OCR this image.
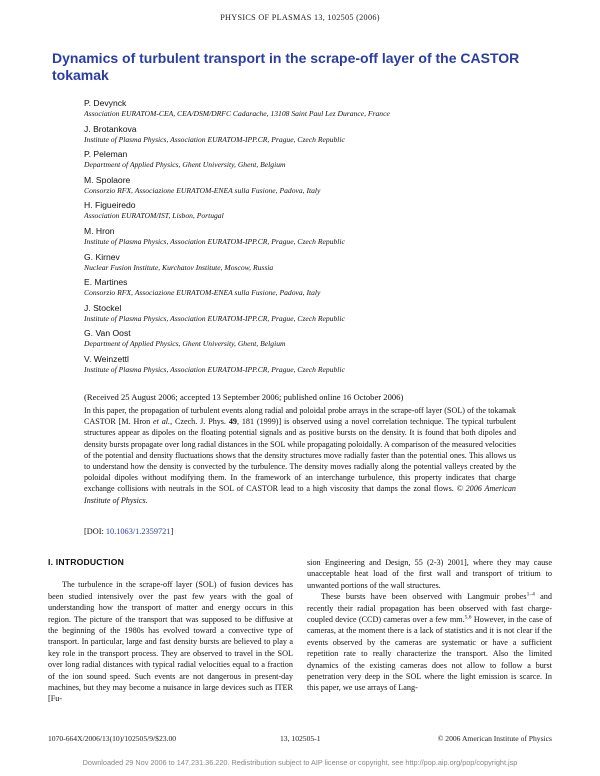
PHYSICS OF PLASMAS 13, 102505 (2006)
Dynamics of turbulent transport in the scrape-off layer of the CASTOR tokamak
P. Devynck
Association EURATOM-CEA, CEA/DSM/DRFC Cadarache, 13108 Saint Paul Lez Durance, France
J. Brotankova
Institute of Plasma Physics, Association EURATOM-IPP.CR, Prague, Czech Republic
P. Peleman
Department of Applied Physics, Ghent University, Ghent, Belgium
M. Spolaore
Consorzio RFX, Associazione EURATOM-ENEA sulla Fusione, Padova, Italy
H. Figueiredo
Association EURATOM/IST, Lisbon, Portugal
M. Hron
Institute of Plasma Physics, Association EURATOM-IPP.CR, Prague, Czech Republic
G. Kirnev
Nuclear Fusion Institute, Kurchatov Institute, Moscow, Russia
E. Martines
Consorzio RFX, Associazione EURATOM-ENEA sulla Fusione, Padova, Italy
J. Stockel
Institute of Plasma Physics, Association EURATOM-IPP.CR, Prague, Czech Republic
G. Van Oost
Department of Applied Physics, Ghent University, Ghent, Belgium
V. Weinzettl
Institute of Plasma Physics, Association EURATOM-IPP.CR, Prague, Czech Republic
(Received 25 August 2006; accepted 13 September 2006; published online 16 October 2006)

In this paper, the propagation of turbulent events along radial and poloidal probe arrays in the scrape-off layer (SOL) of the tokamak CASTOR [M. Hron et al., Czech. J. Phys. 49, 181 (1999)] is observed using a novel correlation technique. The typical turbulent structures appear as dipoles on the floating potential signals and as positive bursts on the density. It is found that both dipoles and density bursts propagate over long radial distances in the SOL while propagating poloidally. A comparison of the measured velocities of the potential and density fluctuations shows that the density structures move radially faster than the potential ones. This allows us to understand how the density is convected by the turbulence. The density moves radially along the potential valleys created by the poloidal dipoles without modifying them. In the framework of an interchange turbulence, this property indicates that charge exchange collisions with neutrals in the SOL of CASTOR lead to a high viscosity that damps the zonal flows. © 2006 American Institute of Physics.

[DOI: 10.1063/1.2359721]
I. INTRODUCTION

The turbulence in the scrape-off layer (SOL) of fusion devices has been studied intensively over the past few years with the goal of understanding how the transport of matter and energy occurs in this region. The picture of the transport that was supposed to be diffusive at the beginning of the 1980s has evolved toward a convective type of transport. In particular, large and fast density bursts are believed to play a key role in the transport process. They are observed to travel in the SOL over long radial distances with typical radial velocities equal to a fraction of the ion sound speed. Such events are not dangerous in present-day machines, but they may become a nuisance in large devices such as ITER [Fu-

sion Engineering and Design, 55 (2-3) 2001], where they may cause unacceptable heat load of the first wall and transport of tritium to unwanted portions of the wall structures.

These bursts have been observed with Langmuir probes$^{1-4}$ and recently their radial propagation has been observed with fast charge-coupled device (CCD) cameras over a few mm.$^{5,6}$ However, in the case of cameras, at the moment there is a lack of statistics and it is not clear if the events observed by the cameras are systematic or have a sufficient repetition rate to really characterize the transport. Also the limited dynamics of the existing cameras does not allow to follow a burst penetration very deep in the SOL where the light emission is scarce. In this paper, we use arrays of Lang-

1070-664X/2006/13(10)/102505/9/$23.00	13, 102505-1	© 2006 American Institute of Physics
Downloaded 29 Nov 2006 to 147.231.36.220. Redistribution subject to AIP license or copyright, see http://pop.aip.org/pop/copyright.jsp
